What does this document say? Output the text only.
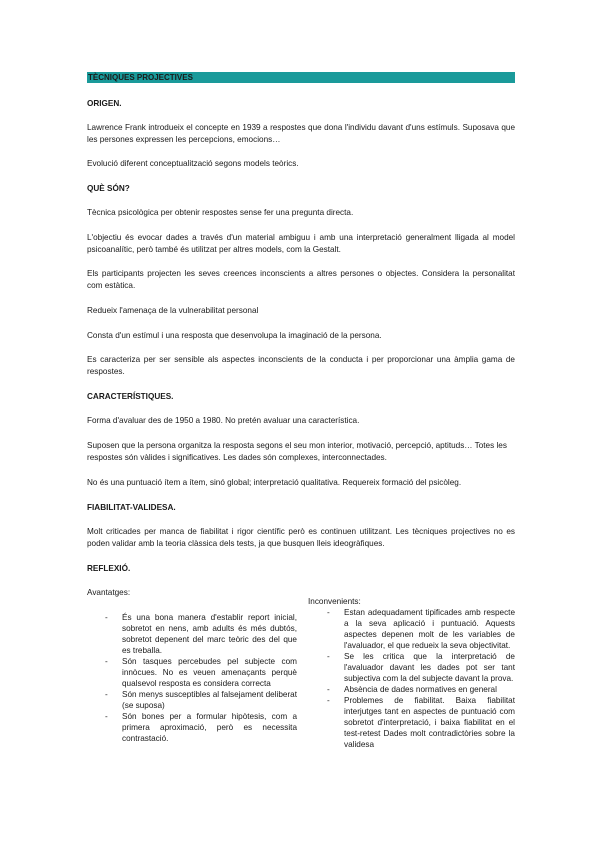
TÈCNIQUES PROJECTIVES

ORIGEN.

Lawrence Frank introdueix el concepte en 1939 a respostes que dona l'individu davant d'uns estímuls. Suposava que les persones expressen les percepcions, emocions…

Evolució diferent conceptualització segons models teòrics.

QUÈ SÓN?

Tècnica psicològica per obtenir respostes sense fer una pregunta directa.

L'objectiu és evocar dades a través d'un material ambiguu i amb una interpretació generalment lligada al model psicoanalític, però també és utilitzat per altres models, com la Gestalt.

Els participants projecten les seves creences inconscients a altres persones o objectes. Considera la personalitat com estàtica.

Redueix l'amenaça de la vulnerabilitat personal

Consta d'un estímul i una resposta que desenvolupa la imaginació de la persona.

Es caracteriza per ser sensible als aspectes inconscients de la conducta i per proporcionar una àmplia gama de respostes.

CARACTERÍSTIQUES.

Forma d'avaluar des de 1950 a 1980. No pretén avaluar una característica.

Suposen que la persona organitza la resposta segons el seu mon interior, motivació, percepció, aptituds… Totes les respostes són vàlides i significatives. Les dades són complexes, interconnectades.

No és una puntuació ítem a ítem, sinó global; interpretació qualitativa. Requereix formació del psicòleg.

FIABILITAT-VALIDESA.

Molt criticades per manca de fiabilitat i rigor científic però es continuen utilitzant. Les tècniques projectives no es poden validar amb la teoria clàssica dels tests, ja que busquen lleis ideogràfiques.

REFLEXIÓ.

Avantatges:
- És una bona manera d'establir report inicial, sobretot en nens, amb adults és més dubtós, sobretot depenent del marc teòric des del que es treballa.
- Són tasques percebudes pel subjecte com innòcues. No es veuen amenaçants perquè qualsevol resposta es considera correcta
- Són menys susceptibles al falsejament deliberat (se suposa)
- Són bones per a formular hipòtesis, com a primera aproximació, però es necessita contrastació.
Inconvenients:
- Estan adequadament tipificades amb respecte a la seva aplicació i puntuació. Aquests aspectes depenen molt de les variables de l'avaluador, el que redueix la seva objectivitat.
- Se les critica que la interpretació de l'avaluador davant les dades pot ser tant subjectiva com la del subjecte davant la prova.
- Absència de dades normatives en general
- Problemes de fiabilitat. Baixa fiabilitat interjutges tant en aspectes de puntuació com sobretot d'interpretació, i baixa fiabilitat en el test-retest Dades molt contradictòries sobre la validesa
